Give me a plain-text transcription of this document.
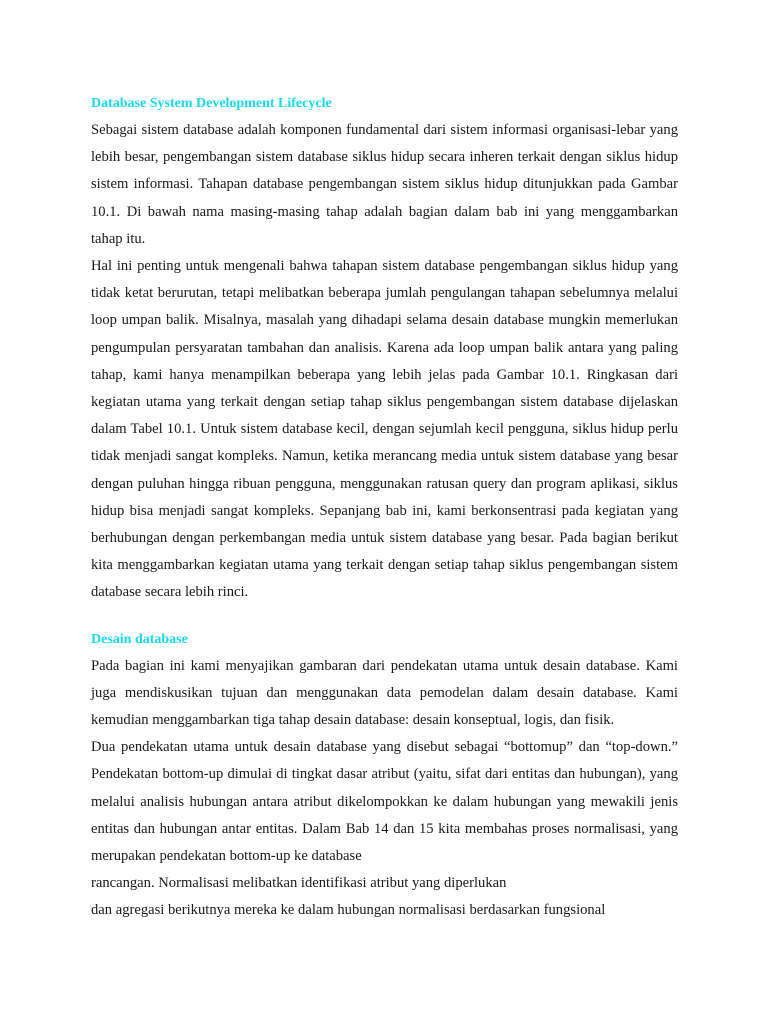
Database System Development Lifecycle

Sebagai sistem database adalah komponen fundamental dari sistem informasi organisasi-lebar yang lebih besar, pengembangan sistem database siklus hidup secara inheren terkait dengan siklus hidup sistem informasi. Tahapan database pengembangan sistem siklus hidup ditunjukkan pada Gambar 10.1. Di bawah nama masing-masing tahap adalah bagian dalam bab ini yang menggambarkan tahap itu.

Hal ini penting untuk mengenali bahwa tahapan sistem database pengembangan siklus hidup yang tidak ketat berurutan, tetapi melibatkan beberapa jumlah pengulangan tahapan sebelumnya melalui loop umpan balik. Misalnya, masalah yang dihadapi selama desain database mungkin memerlukan pengumpulan persyaratan tambahan dan analisis. Karena ada loop umpan balik antara yang paling tahap, kami hanya menampilkan beberapa yang lebih jelas pada Gambar 10.1. Ringkasan dari kegiatan utama yang terkait dengan setiap tahap siklus pengembangan sistem database dijelaskan dalam Tabel 10.1. Untuk sistem database kecil, dengan sejumlah kecil pengguna, siklus hidup perlu tidak menjadi sangat kompleks. Namun, ketika merancang media untuk sistem database yang besar dengan puluhan hingga ribuan pengguna, menggunakan ratusan query dan program aplikasi, siklus hidup bisa menjadi sangat kompleks. Sepanjang bab ini, kami berkonsentrasi pada kegiatan yang berhubungan dengan perkembangan media untuk sistem database yang besar. Pada bagian berikut kita menggambarkan kegiatan utama yang terkait dengan setiap tahap siklus pengembangan sistem database secara lebih rinci.

Desain database

Pada bagian ini kami menyajikan gambaran dari pendekatan utama untuk desain database. Kami juga mendiskusikan tujuan dan menggunakan data pemodelan dalam desain database. Kami kemudian menggambarkan tiga tahap desain database: desain konseptual, logis, dan fisik.

Dua pendekatan utama untuk desain database yang disebut sebagai “bottomup” dan “top-down.” Pendekatan bottom-up dimulai di tingkat dasar atribut (yaitu, sifat dari entitas dan hubungan), yang melalui analisis hubungan antara atribut dikelompokkan ke dalam hubungan yang mewakili jenis entitas dan hubungan antar entitas. Dalam Bab 14 dan 15 kita membahas proses normalisasi, yang merupakan pendekatan bottom-up ke database

rancangan. Normalisasi melibatkan identifikasi atribut yang diperlukan

dan agregasi berikutnya mereka ke dalam hubungan normalisasi berdasarkan fungsional
